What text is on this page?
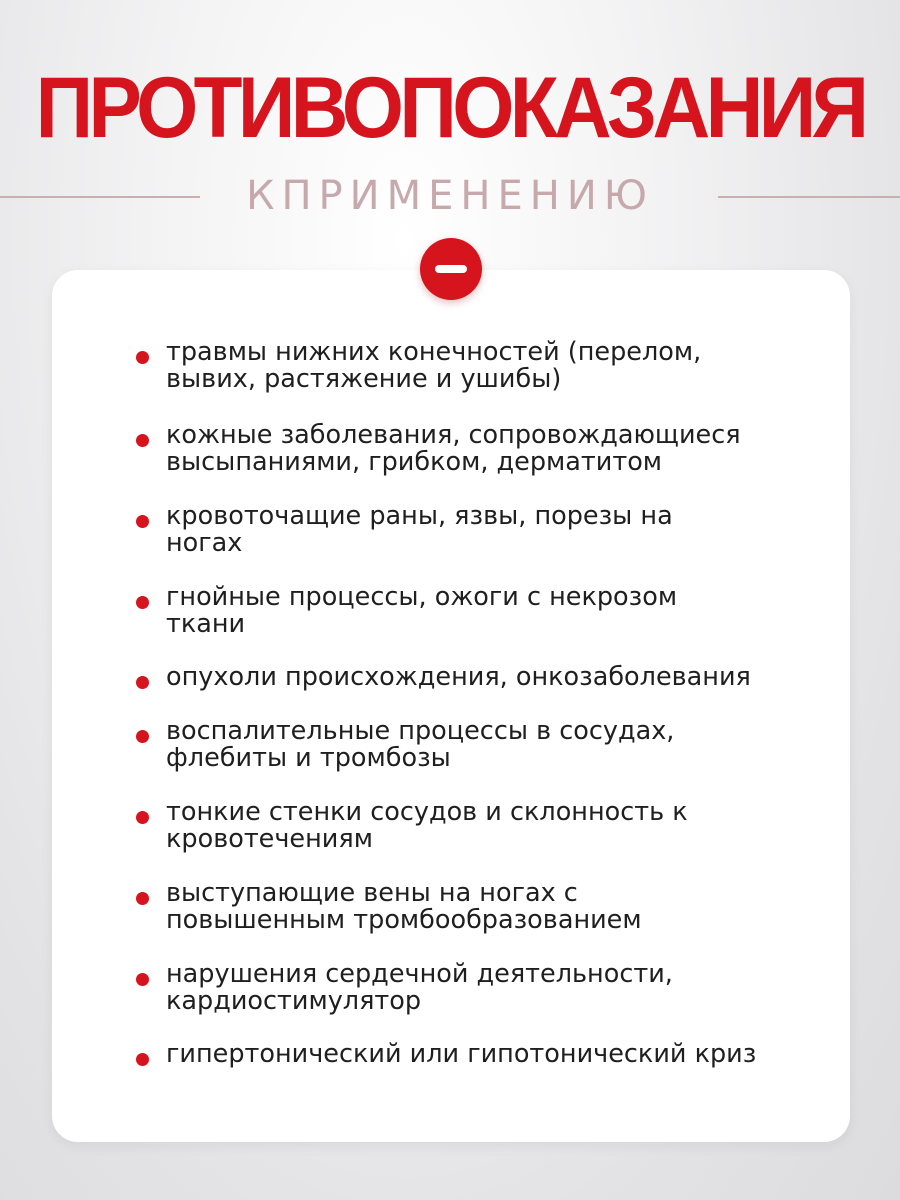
ПРОТИВОПОКАЗАНИЯ
КПРИМЕНЕНИЮ
травмы нижних конечностей (перелом,
вывих, растяжение и ушибы)
кожные заболевания, сопровождающиеся
высыпаниями, грибком, дерматитом
кровоточащие раны, язвы, порезы на
ногах
гнойные процессы, ожоги с некрозом
ткани
опухоли происхождения, онкозаболевания
воспалительные процессы в сосудах,
флебиты и тромбозы
тонкие стенки сосудов и склонность к
кровотечениям
выступающие вены на ногах с
повышенным тромбообразованием
нарушения сердечной деятельности,
кардиостимулятор
гипертонический или гипотонический криз
